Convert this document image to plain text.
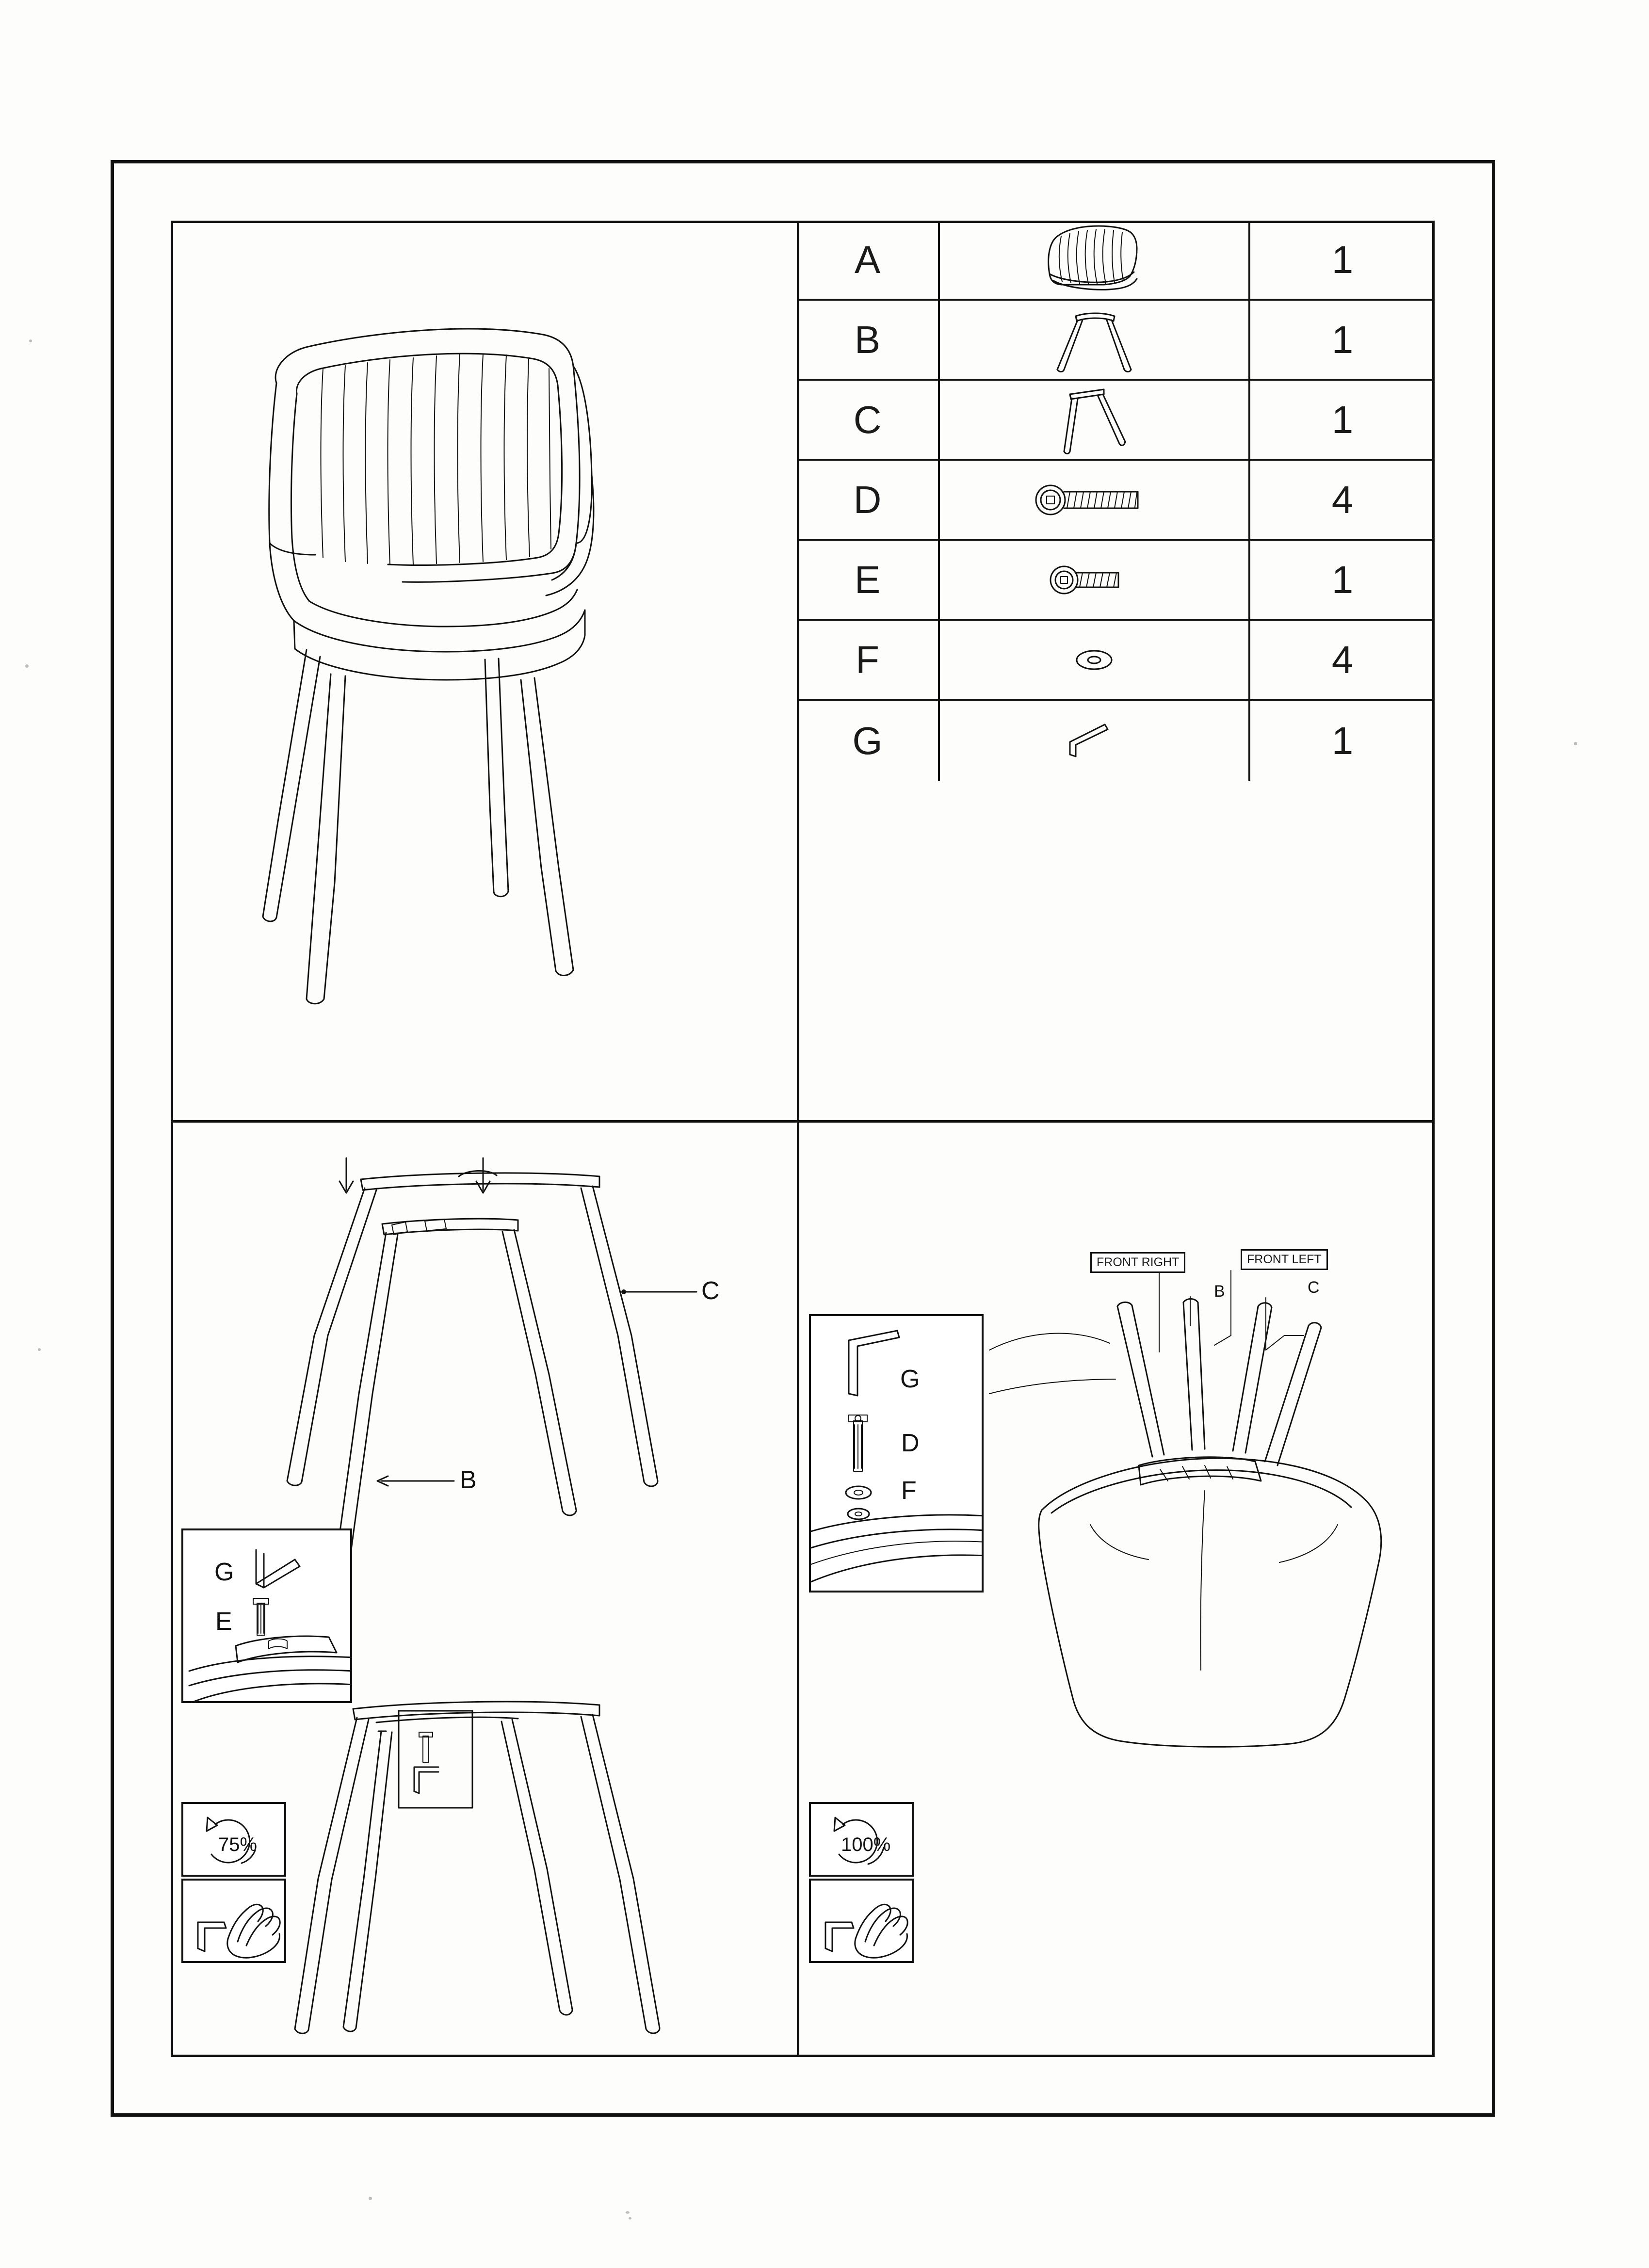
A	1
B	1
C	1
D	4
E	1
F	4
G	1
C
B
G
E
75%
FRONT RIGHT	FRONT LEFT
B	C
G
D
F
100%
